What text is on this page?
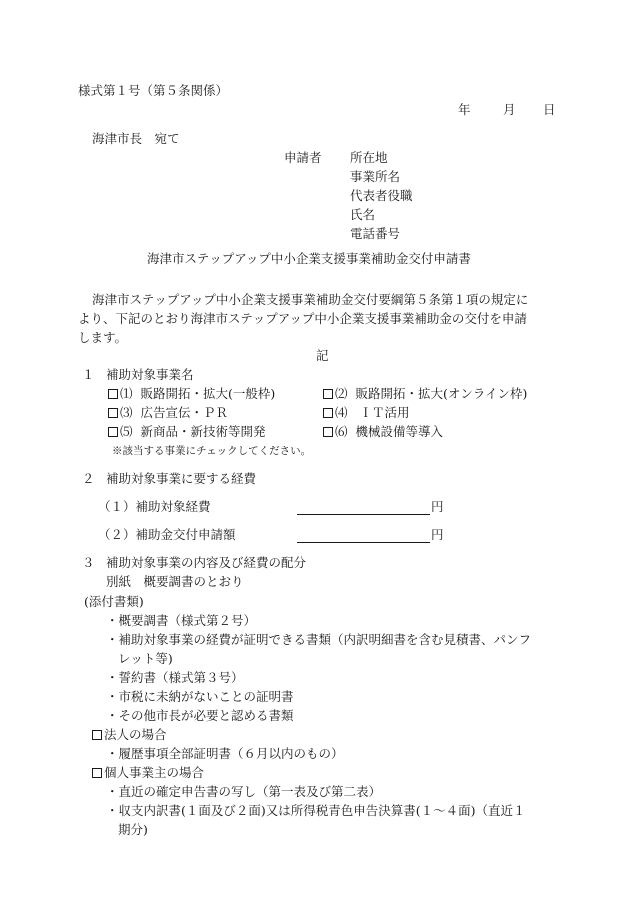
様式第１号（第５条関係）
年	月 日
海津市長　宛て
申請者 所在地
事業所名
代表者役職
氏名
電話番号
海津市ステップアップ中小企業支援事業補助金交付申請書
海津市ステップアップ中小企業支援事業補助金交付要綱第５条第１項の規定に
より、下記のとおり海津市ステップアップ中小企業支援事業補助金の交付を申請
します。
記
１ 補助対象事業名
⑴ 販路開拓・拡大(一般枠)	⑵ 販路開拓・拡大(オンライン枠)
⑶ 広告宣伝・ＰＲ	⑷ ＩＴ活用
⑸ 新商品・新技術等開発	⑹ 機械設備等導入
※該当する事業にチェックしてください。
２ 補助対象事業に要する経費
（１）補助対象経費	円
（２）補助金交付申請額	円
３ 補助対象事業の内容及び経費の配分
別紙　概要調書のとおり
(添付書類)
・概要調書（様式第２号）
・補助対象事業の経費が証明できる書類（内訳明細書を含む見積書、パンフ
レット等)
・誓約書（様式第３号）
・市税に未納がないことの証明書
・その他市長が必要と認める書類
法人の場合
・履歴事項全部証明書（６月以内のもの）
個人事業主の場合
・直近の確定申告書の写し（第一表及び第二表）
・収支内訳書(１面及び２面)又は所得税青色申告決算書(１～４面)（直近１
期分)
